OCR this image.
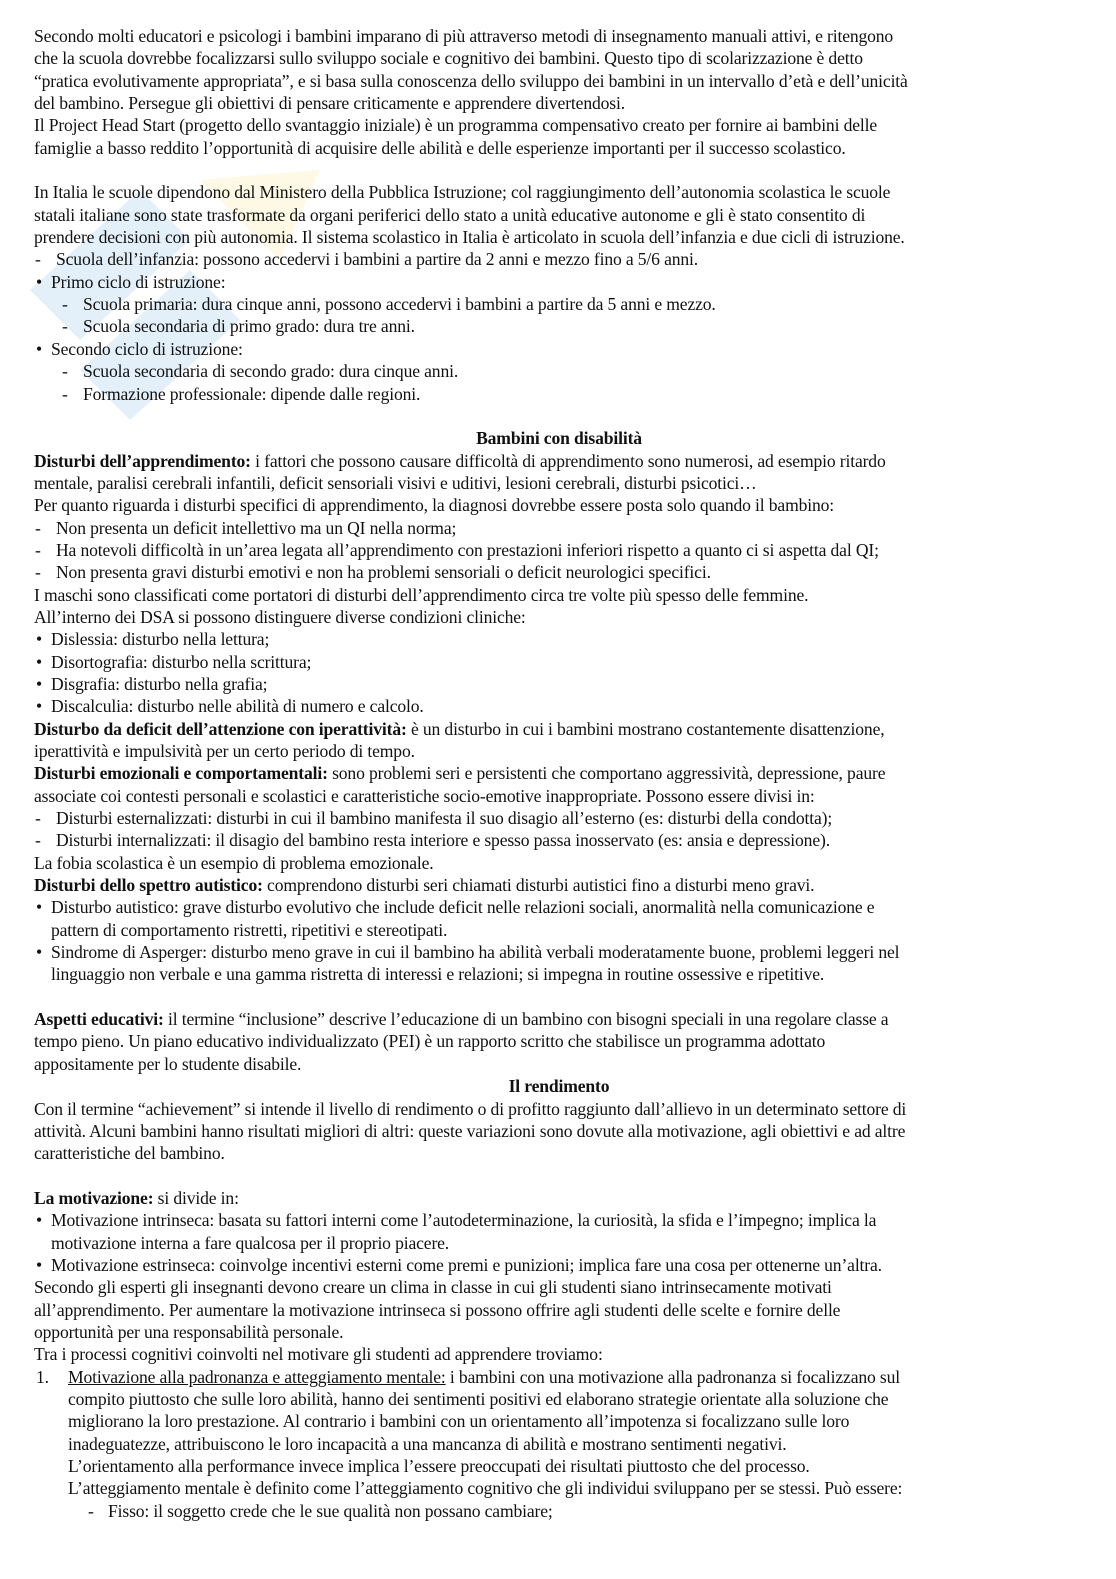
Secondo molti educatori e psicologi i bambini imparano di più attraverso metodi di insegnamento manuali attivi, e ritengono
che la scuola dovrebbe focalizzarsi sullo sviluppo sociale e cognitivo dei bambini. Questo tipo di scolarizzazione è detto
“pratica evolutivamente appropriata”, e si basa sulla conoscenza dello sviluppo dei bambini in un intervallo d’età e dell’unicità
del bambino. Persegue gli obiettivi di pensare criticamente e apprendere divertendosi.
Il Project Head Start (progetto dello svantaggio iniziale) è un programma compensativo creato per fornire ai bambini delle
famiglie a basso reddito l’opportunità di acquisire delle abilità e delle esperienze importanti per il successo scolastico.
In Italia le scuole dipendono dal Ministero della Pubblica Istruzione; col raggiungimento dell’autonomia scolastica le scuole
statali italiane sono state trasformate da organi periferici dello stato a unità educative autonome e gli è stato consentito di
prendere decisioni con più autonomia. Il sistema scolastico in Italia è articolato in scuola dell’infanzia e due cicli di istruzione.
- Scuola dell’infanzia: possono accedervi i bambini a partire da 2 anni e mezzo fino a 5/6 anni.
• Primo ciclo di istruzione:
- Scuola primaria: dura cinque anni, possono accedervi i bambini a partire da 5 anni e mezzo.
- Scuola secondaria di primo grado: dura tre anni.
• Secondo ciclo di istruzione:
- Scuola secondaria di secondo grado: dura cinque anni.
- Formazione professionale: dipende dalle regioni.
Bambini con disabilità
Disturbi dell’apprendimento: i fattori che possono causare difficoltà di apprendimento sono numerosi, ad esempio ritardo
mentale, paralisi cerebrali infantili, deficit sensoriali visivi e uditivi, lesioni cerebrali, disturbi psicotici…
Per quanto riguarda i disturbi specifici di apprendimento, la diagnosi dovrebbe essere posta solo quando il bambino:
- Non presenta un deficit intellettivo ma un QI nella norma;
- Ha notevoli difficoltà in un’area legata all’apprendimento con prestazioni inferiori rispetto a quanto ci si aspetta dal QI;
- Non presenta gravi disturbi emotivi e non ha problemi sensoriali o deficit neurologici specifici.
I maschi sono classificati come portatori di disturbi dell’apprendimento circa tre volte più spesso delle femmine.
All’interno dei DSA si possono distinguere diverse condizioni cliniche:
• Dislessia: disturbo nella lettura;
• Disortografia: disturbo nella scrittura;
• Disgrafia: disturbo nella grafia;
• Discalculia: disturbo nelle abilità di numero e calcolo.
Disturbo da deficit dell’attenzione con iperattività: è un disturbo in cui i bambini mostrano costantemente disattenzione,
iperattività e impulsività per un certo periodo di tempo.
Disturbi emozionali e comportamentali: sono problemi seri e persistenti che comportano aggressività, depressione, paure
associate coi contesti personali e scolastici e caratteristiche socio-emotive inappropriate. Possono essere divisi in:
- Disturbi esternalizzati: disturbi in cui il bambino manifesta il suo disagio all’esterno (es: disturbi della condotta);
- Disturbi internalizzati: il disagio del bambino resta interiore e spesso passa inosservato (es: ansia e depressione).
La fobia scolastica è un esempio di problema emozionale.
Disturbi dello spettro autistico: comprendono disturbi seri chiamati disturbi autistici fino a disturbi meno gravi.
• Disturbo autistico: grave disturbo evolutivo che include deficit nelle relazioni sociali, anormalità nella comunicazione e
pattern di comportamento ristretti, ripetitivi e stereotipati.
• Sindrome di Asperger: disturbo meno grave in cui il bambino ha abilità verbali moderatamente buone, problemi leggeri nel
linguaggio non verbale e una gamma ristretta di interessi e relazioni; si impegna in routine ossessive e ripetitive.
Aspetti educativi: il termine “inclusione” descrive l’educazione di un bambino con bisogni speciali in una regolare classe a
tempo pieno. Un piano educativo individualizzato (PEI) è un rapporto scritto che stabilisce un programma adottato
appositamente per lo studente disabile.
Il rendimento
Con il termine “achievement” si intende il livello di rendimento o di profitto raggiunto dall’allievo in un determinato settore di
attività. Alcuni bambini hanno risultati migliori di altri: queste variazioni sono dovute alla motivazione, agli obiettivi e ad altre
caratteristiche del bambino.
La motivazione: si divide in:
• Motivazione intrinseca: basata su fattori interni come l’autodeterminazione, la curiosità, la sfida e l’impegno; implica la
motivazione interna a fare qualcosa per il proprio piacere.
• Motivazione estrinseca: coinvolge incentivi esterni come premi e punizioni; implica fare una cosa per ottenerne un’altra.
Secondo gli esperti gli insegnanti devono creare un clima in classe in cui gli studenti siano intrinsecamente motivati
all’apprendimento. Per aumentare la motivazione intrinseca si possono offrire agli studenti delle scelte e fornire delle
opportunità per una responsabilità personale.
Tra i processi cognitivi coinvolti nel motivare gli studenti ad apprendere troviamo:
1. Motivazione alla padronanza e atteggiamento mentale: i bambini con una motivazione alla padronanza si focalizzano sul
compito piuttosto che sulle loro abilità, hanno dei sentimenti positivi ed elaborano strategie orientate alla soluzione che
migliorano la loro prestazione. Al contrario i bambini con un orientamento all’impotenza si focalizzano sulle loro
inadeguatezze, attribuiscono le loro incapacità a una mancanza di abilità e mostrano sentimenti negativi.
L’orientamento alla performance invece implica l’essere preoccupati dei risultati piuttosto che del processo.
L’atteggiamento mentale è definito come l’atteggiamento cognitivo che gli individui sviluppano per se stessi. Può essere:
- Fisso: il soggetto crede che le sue qualità non possano cambiare;
